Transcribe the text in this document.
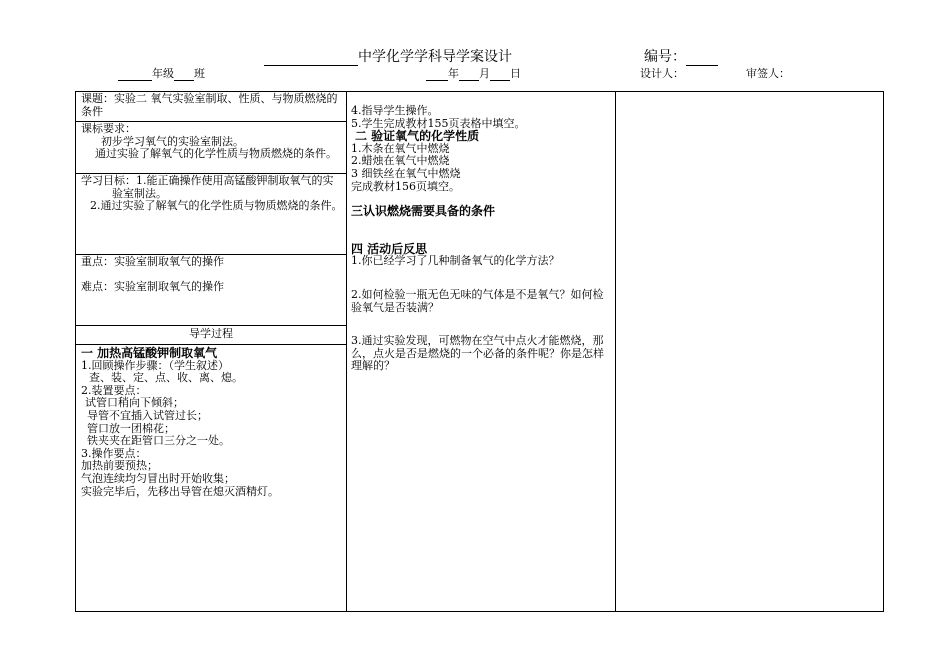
中学化学学科导学案设计	编号：
年级 班	年 月 日	设计人：	审签人：
课题：实验二 氧气实验室制取、性质、与物质燃烧的条件
课标要求：
初步学习氧气的实验室制法。
通过实验了解氧气的化学性质与物质燃烧的条件。
学习目标：1.能正确操作使用高锰酸钾制取氧气的实验室制法。
2.通过实验了解氧气的化学性质与物质燃烧的条件。
重点：实验室制取氧气的操作
难点：实验室制取氧气的操作
导学过程
一 加热高锰酸钾制取氧气
1.回顾操作步骤：（学生叙述）
查、装、定、点、收、离、熄。
2.装置要点：
试管口稍向下倾斜；
导管不宜插入试管过长；
管口放一团棉花；
铁夹夹在距管口三分之一处。
3.操作要点：
加热前要预热；
气泡连续均匀冒出时开始收集；
实验完毕后，先移出导管在熄灭酒精灯。
4.指导学生操作。
5.学生完成教材155页表格中填空。
二 验证氧气的化学性质
1.木条在氧气中燃烧
2.蜡烛在氧气中燃烧
3 细铁丝在氧气中燃烧
完成教材156页填空。
三认识燃烧需要具备的条件
四 活动后反思
1.你已经学习了几种制备氧气的化学方法？
2.如何检验一瓶无色无味的气体是不是氧气？如何检验氧气是否装满？
3.通过实验发现，可燃物在空气中点火才能燃烧，那么，点火是否是燃烧的一个必备的条件呢？你是怎样理解的？
